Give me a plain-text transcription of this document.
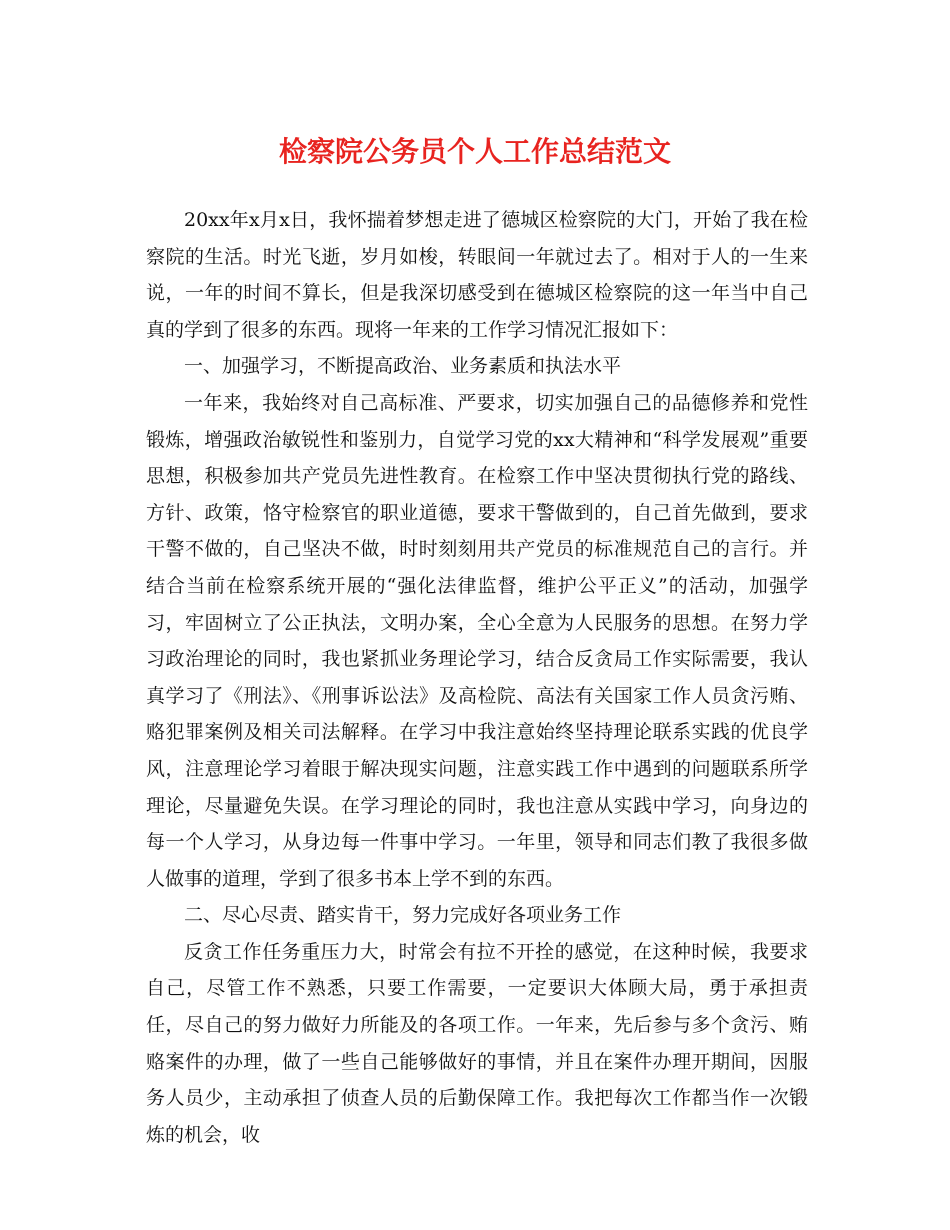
检察院公务员个人工作总结范文

20xx年x月x日，我怀揣着梦想走进了德城区检察院的大门，开始了我在检察院的生活。时光飞逝，岁月如梭，转眼间一年就过去了。相对于人的一生来说，一年的时间不算长，但是我深切感受到在德城区检察院的这一年当中自己真的学到了很多的东西。现将一年来的工作学习情况汇报如下：

一、加强学习，不断提高政治、业务素质和执法水平

一年来，我始终对自己高标准、严要求，切实加强自己的品德修养和党性锻炼，增强政治敏锐性和鉴别力，自觉学习党的xx大精神和“科学发展观”重要思想，积极参加共产党员先进性教育。在检察工作中坚决贯彻执行党的路线、方针、政策，恪守检察官的职业道德，要求干警做到的，自己首先做到，要求干警不做的，自己坚决不做，时时刻刻用共产党员的标准规范自己的言行。并结合当前在检察系统开展的“强化法律监督，维护公平正义”的活动，加强学习，牢固树立了公正执法，文明办案，全心全意为人民服务的思想。在努力学习政治理论的同时，我也紧抓业务理论学习，结合反贪局工作实际需要，我认真学习了《刑法》、《刑事诉讼法》及高检院、高法有关国家工作人员贪污贿、赂犯罪案例及相关司法解释。在学习中我注意始终坚持理论联系实践的优良学风，注意理论学习着眼于解决现实问题，注意实践工作中遇到的问题联系所学理论，尽量避免失误。在学习理论的同时，我也注意从实践中学习，向身边的每一个人学习，从身边每一件事中学习。一年里，领导和同志们教了我很多做人做事的道理，学到了很多书本上学不到的东西。

二、尽心尽责、踏实肯干，努力完成好各项业务工作

反贪工作任务重压力大，时常会有拉不开拴的感觉，在这种时候，我要求自己，尽管工作不熟悉，只要工作需要，一定要识大体顾大局，勇于承担责任，尽自己的努力做好力所能及的各项工作。一年来，先后参与多个贪污、贿赂案件的办理，做了一些自己能够做好的事情，并且在案件办理开期间，因服务人员少，主动承担了侦查人员的后勤保障工作。我把每次工作都当作一次锻炼的机会，收
